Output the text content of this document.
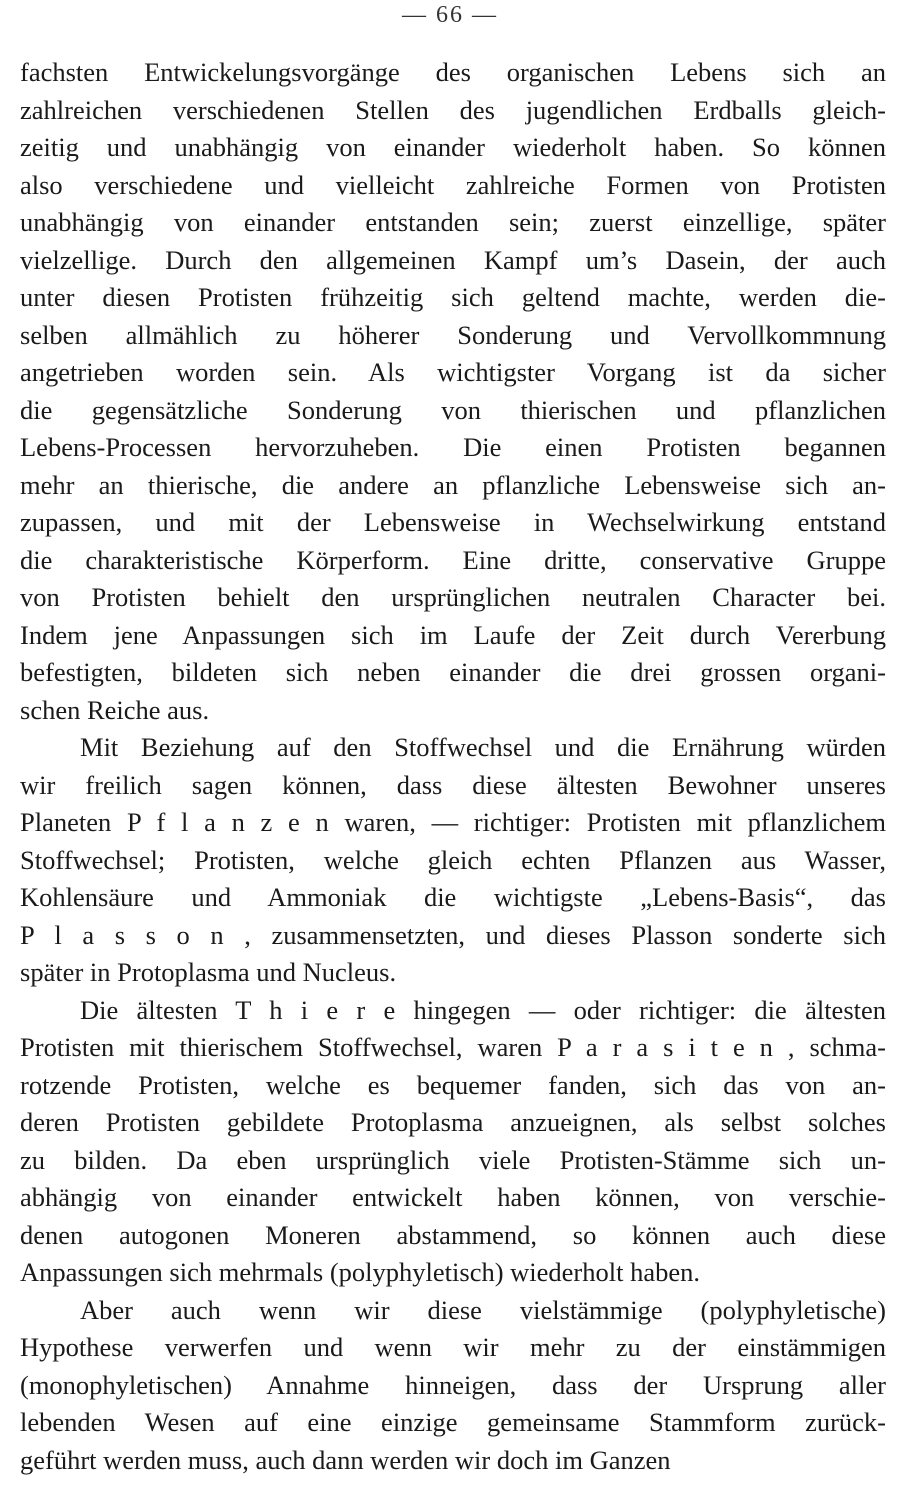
— 66 —
fachsten Entwickelungsvorgänge des organischen Lebens sich an
zahlreichen verschiedenen Stellen des jugendlichen Erdballs gleich-
zeitig und unabhängig von einander wiederholt haben. So können
also verschiedene und vielleicht zahlreiche Formen von Protisten
unabhängig von einander entstanden sein; zuerst einzellige, später
vielzellige. Durch den allgemeinen Kampf um’s Dasein, der auch
unter diesen Protisten frühzeitig sich geltend machte, werden die-
selben allmählich zu höherer Sonderung und Vervollkommnung
angetrieben worden sein. Als wichtigster Vorgang ist da sicher
die gegensätzliche Sonderung von thierischen und pflanzlichen
Lebens-Processen hervorzuheben. Die einen Protisten begannen
mehr an thierische, die andere an pflanzliche Lebensweise sich an-
zupassen, und mit der Lebensweise in Wechselwirkung entstand
die charakteristische Körperform. Eine dritte, conservative Gruppe
von Protisten behielt den ursprünglichen neutralen Character bei.
Indem jene Anpassungen sich im Laufe der Zeit durch Vererbung
befestigten, bildeten sich neben einander die drei grossen organi-
schen Reiche aus.
Mit Beziehung auf den Stoffwechsel und die Ernährung würden
wir freilich sagen können, dass diese ältesten Bewohner unseres
Planeten P f l a n z e n waren, — richtiger: Protisten mit pflanzlichem
Stoffwechsel; Protisten, welche gleich echten Pflanzen aus Wasser,
Kohlensäure und Ammoniak die wichtigste „Lebens-Basis“, das
P l a s s o n , zusammensetzten, und dieses Plasson sonderte sich
später in Protoplasma und Nucleus.
Die ältesten T h i e r e hingegen — oder richtiger: die ältesten
Protisten mit thierischem Stoffwechsel, waren P a r a s i t e n , schma-
rotzende Protisten, welche es bequemer fanden, sich das von an-
deren Protisten gebildete Protoplasma anzueignen, als selbst solches
zu bilden. Da eben ursprünglich viele Protisten-Stämme sich un-
abhängig von einander entwickelt haben können, von verschie-
denen autogonen Moneren abstammend, so können auch diese
Anpassungen sich mehrmals (polyphyletisch) wiederholt haben.
Aber auch wenn wir diese vielstämmige (polyphyletische)
Hypothese verwerfen und wenn wir mehr zu der einstämmigen
(monophyletischen) Annahme hinneigen, dass der Ursprung aller
lebenden Wesen auf eine einzige gemeinsame Stammform zurück-
geführt werden muss, auch dann werden wir doch im Ganzen
